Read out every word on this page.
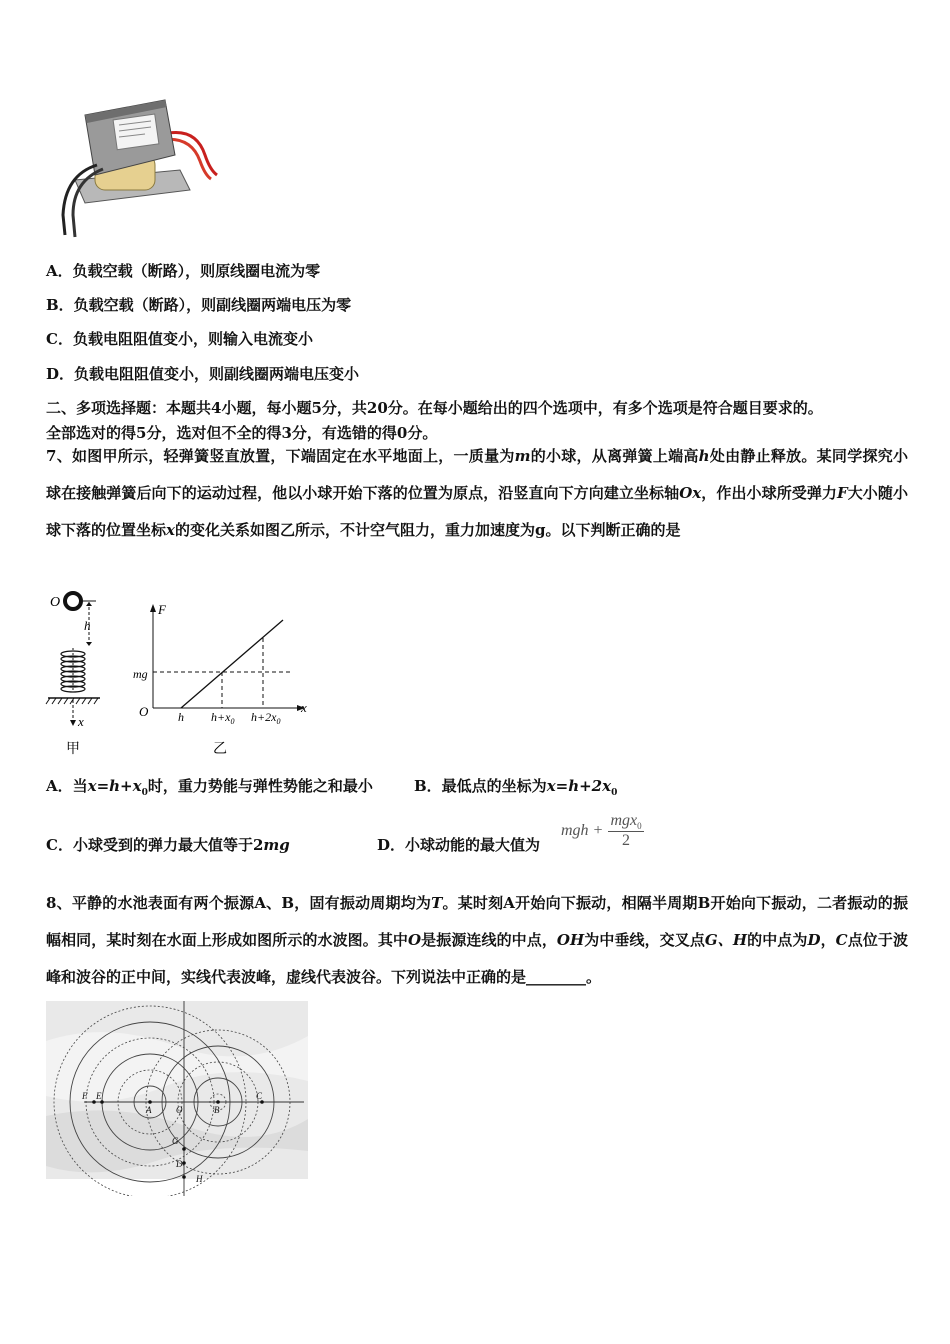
A．负载空载（断路），则原线圈电流为零
B．负载空载（断路），则副线圈两端电压为零
C．负载电阻阻值变小，则输入电流变小
D．负载电阻阻值变小，则副线圈两端电压变小
二、多项选择题：本题共4小题，每小题5分，共20分。在每小题给出的四个选项中，有多个选项是符合题目要求的。
全部选对的得5分，选对但不全的得3分，有选错的得0分。
7、如图甲所示，轻弹簧竖直放置，下端固定在水平地面上，一质量为m的小球，从离弹簧上端高h处由静止释放。某同学探究小球在接触弹簧后向下的运动过程，他以小球开始下落的位置为原点，沿竖直向下方向建立坐标轴Ox，作出小球所受弹力F大小随小球下落的位置坐标x的变化关系如图乙所示，不计空气阻力，重力加速度为g。以下判断正确的是
O
h
x
甲
F
mg
O	x
h $h+x_0$ $h+2x_0$
乙
A．当$x=h+x_0$时，重力势能与弹性势能之和最小	B．最低点的坐标为$x=h+2x_0$
C．小球受到的弹力最大值等于2mg	D．小球动能的最大值为
mgh + $\frac{mgx_0}{2}$
8、平静的水池表面有两个振源A、B，固有振动周期均为T。某时刻A开始向下振动，相隔半周期B开始向下振动，二者振动的振幅相同，某时刻在水面上形成如图所示的水波图。其中O是振源连线的中点，OH为中垂线，交叉点G、H的中点为D，C点位于波峰和波谷的正中间，实线代表波峰，虚线代表波谷。下列说法中正确的是________。
F E
A	O	B
C
G
D
H
